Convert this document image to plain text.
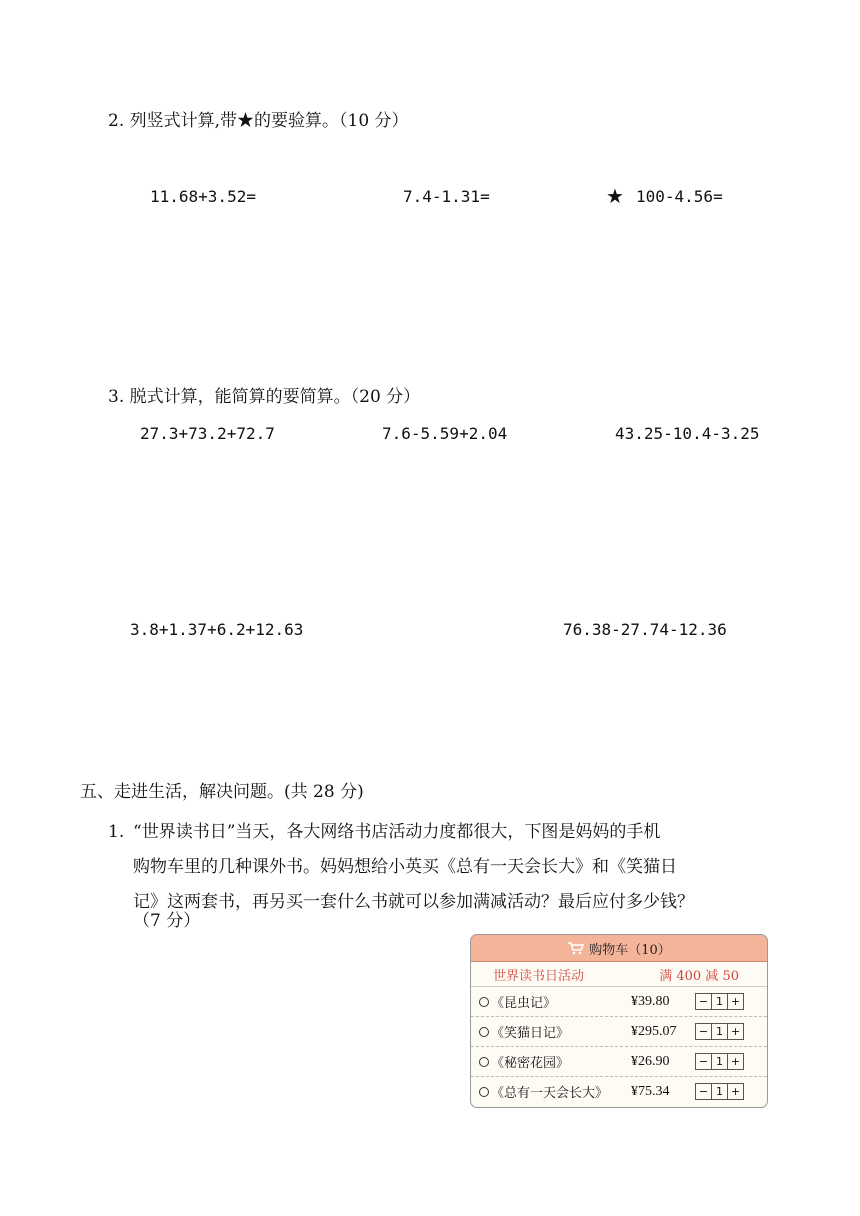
2. 列竖式计算,带★的要验算。（10 分）
11.68+3.52=	7.4-1.31=	★ 100-4.56=
3. 脱式计算，能简算的要简算。（20 分）
27.3+73.2+72.7	7.6-5.59+2.04	43.25-10.4-3.25
3.8+1.37+6.2+12.63	76.38-27.74-12.36
五、走进生活，解决问题。(共 28 分)
1. “世界读书日”当天，各大网络书店活动力度都很大，下图是妈妈的手机
购物车里的几种课外书。妈妈想给小英买《总有一天会长大》和《笑猫日
记》这两套书，再另买一套什么书就可以参加满减活动？最后应付多少钱？
（7 分）
购物车（10）
世界读书日活动	满 400 减 50
《昆虫记》	¥39.80	− 1 +
《笑猫日记》	¥295.07	− 1 +
《秘密花园》	¥26.90	− 1 +
《总有一天会长大》	¥75.34	− 1 +
